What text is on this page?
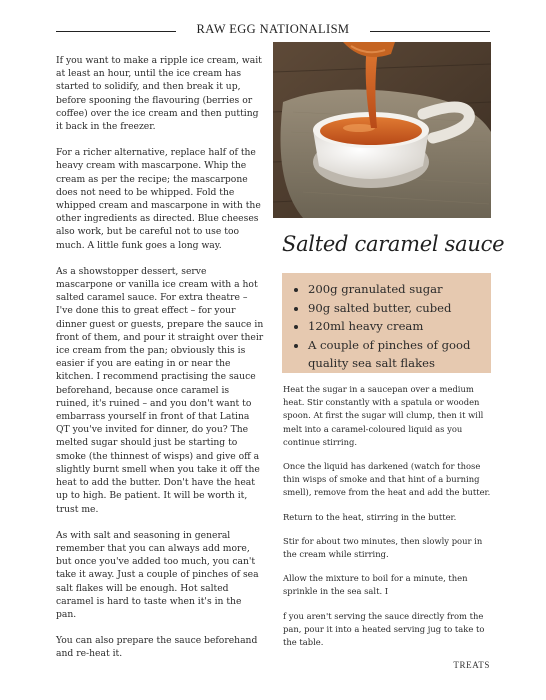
RAW EGG NATIONALISM

If you want to make a ripple ice cream, wait at least an hour, until the ice cream has started to solidify, and then break it up, before spooning the flavouring (berries or coffee) over the ice cream and then putting it back in the freezer.

For a richer alternative, replace half of the heavy cream with mascarpone. Whip the cream as per the recipe; the mascarpone does not need to be whipped. Fold the whipped cream and mascarpone in with the other ingredients as directed. Blue cheeses also work, but be careful not to use too much. A little funk goes a long way.

As a showstopper dessert, serve mascarpone or vanilla ice cream with a hot salted caramel sauce. For extra theatre – I've done this to great effect – for your dinner guest or guests, prepare the sauce in front of them, and pour it straight over their ice cream from the pan; obviously this is easier if you are eating in or near the kitchen. I recommend practising the sauce beforehand, because once caramel is ruined, it's ruined – and you don't want to embarrass yourself in front of that Latina QT you've invited for dinner, do you? The melted sugar should just be starting to smoke (the thinnest of wisps) and give off a slightly burnt smell when you take it off the heat to add the butter. Don't have the heat up to high. Be patient. It will be worth it, trust me.

As with salt and seasoning in general remember that you can always add more, but once you've added too much, you can't take it away. Just a couple of pinches of sea salt flakes will be enough. Hot salted caramel is hard to taste when it's in the pan.

You can also prepare the sauce beforehand and re-heat it.

Salted caramel sauce
• 200g granulated sugar
• 90g salted butter, cubed
• 120ml heavy cream
• A couple of pinches of good quality sea salt flakes

Heat the sugar in a saucepan over a medium heat. Stir constantly with a spatula or wooden spoon. At first the sugar will clump, then it will melt into a caramel-coloured liquid as you continue stirring.

Once the liquid has darkened (watch for those thin wisps of smoke and that hint of a burning smell), remove from the heat and add the butter.

Return to the heat, stirring in the butter.

Stir for about two minutes, then slowly pour in the cream while stirring.

Allow the mixture to boil for a minute, then sprinkle in the sea salt. I

f you aren't serving the sauce directly from the pan, pour it into a heated serving jug to take to the table.

TREATS
